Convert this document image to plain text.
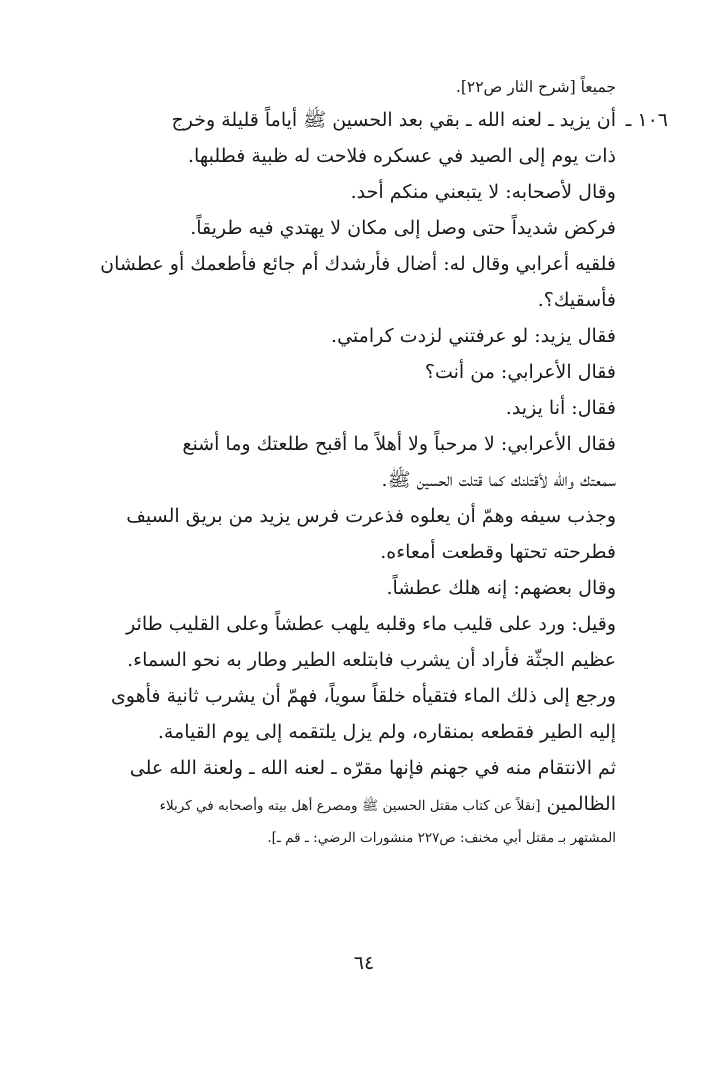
جميعاً [شرح الثار ص٢٢].

١٠٦ ـ

أن يزيد ـ لعنه الله ـ بقي بعد الحسين ﷺ أياماً قليلة وخرج

ذات يوم إلى الصيد في عسكره فلاحت له ظبية فطلبها.

وقال لأصحابه: لا يتبعني منكم أحد.

فركض شديداً حتى وصل إلى مكان لا يهتدي فيه طريقاً.

فلقيه أعرابي وقال له: أضال فأرشدك أم جائع فأطعمك أو عطشان

فأسقيك؟.

فقال يزيد: لو عرفتني لزدت كرامتي.

فقال الأعرابي: من أنت؟

فقال: أنا يزيد.

فقال الأعرابي: لا مرحباً ولا أهلاً ما أقبح طلعتك وما أشنع

سمعتك والله لأقتلنك كما قتلت الحسين ﷺ.

وجذب سيفه وهمّ أن يعلوه فذعرت فرس يزيد من بريق السيف

فطرحته تحتها وقطعت أمعاءه.

وقال بعضهم: إنه هلك عطشاً.

وقيل: ورد على قليب ماء وقلبه يلهب عطشاً وعلى القليب طائر

عظيم الجثّة فأراد أن يشرب فابتلعه الطير وطار به نحو السماء.

ورجع إلى ذلك الماء فتقيأه خلقاً سوياً، فهمّ أن يشرب ثانية فأهوى

إليه الطير فقطعه بمنقاره، ولم يزل يلتقمه إلى يوم القيامة.

ثم الانتقام منه في جهنم فإنها مقرّه ـ لعنه الله ـ ولعنة الله على

الظالمين [نقلاً عن كتاب مقتل الحسين ﷺ ومصرع أهل بيته وأصحابه في كربلاء

المشتهر بـ مقتل أبي مخنف: ص٢٢٧ منشورات الرضي: ـ قم ـ].

٦٤
